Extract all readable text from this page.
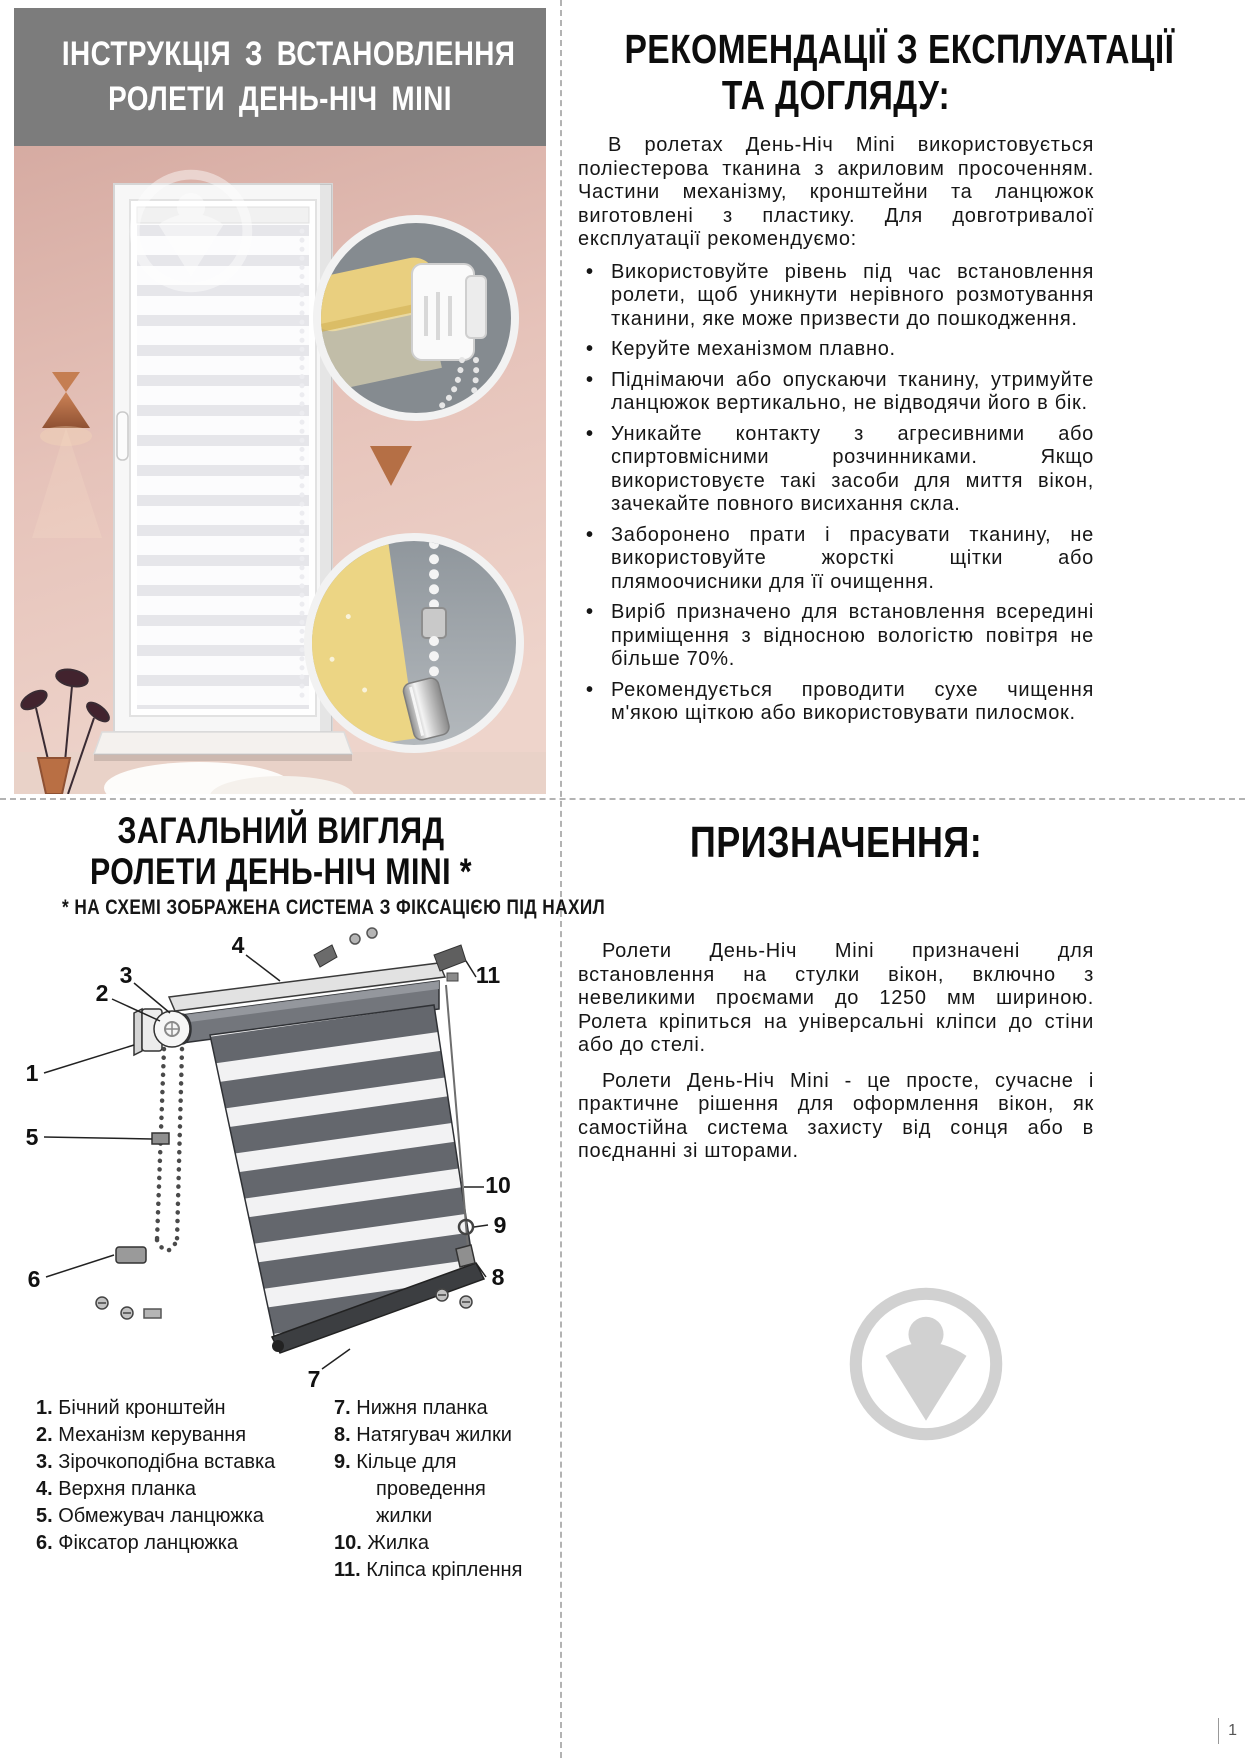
ІНСТРУКЦІЯ З ВСТАНОВЛЕННЯ
РОЛЕТИ ДЕНЬ-НІЧ MINI
РЕКОМЕНДАЦІЇ З ЕКСПЛУАТАЦІЇ
ТА ДОГЛЯДУ:

В ролетах День-Ніч Mini використовується поліестерова тканина з акриловим просоченням. Частини механізму, кронштейни та ланцюжок виготовлені з пластику. Для довготривалої експлуатації рекомендуємо:

• Використовуйте рівень під час встановлення ролети, щоб уникнути нерівного розмотування тканини, яке може призвести до пошкодження.
• Керуйте механізмом плавно.
• Піднімаючи або опускаючи тканину, утримуйте ланцюжок вертикально, не відводячи його в бік.
• Уникайте контакту з агресивними або спиртовмісними розчинниками. Якщо використовуєте такі засоби для миття вікон, зачекайте повного висихання скла.
• Заборонено прати і прасувати тканину, не використовуйте жорсткі щітки або плямоочисники для її очищення.
• Виріб призначено для встановлення всередині приміщення з відносною вологістю повітря не більше 70%.
• Рекомендується проводити сухе чищення м'якою щіткою або використовувати пилосмок.
ЗАГАЛЬНИЙ ВИГЛЯД
РОЛЕТИ ДЕНЬ-НІЧ MINI *
* НА СХЕМІ ЗОБРАЖЕНА СИСТЕМА З ФІКСАЦІЄЮ ПІД НАХИЛ
1
2
3
4
5
6
7
8
9
10
11
1. Бічний кронштейн
2. Механізм керування
3. Зірочкоподібна вставка
4. Верхня планка
5. Обмежувач ланцюжка
6. Фіксатор ланцюжка
7. Нижня планка
8. Натягувач жилки
9. Кільце для проведення жилки
10. Жилка
11. Кліпса кріплення
ПРИЗНАЧЕННЯ:

Ролети День-Ніч Mini призначені для встановлення на стулки вікон, включно з невеликими проємами до 1250 мм шириною. Ролета кріпиться на універсальні кліпси до стіни або до стелі.

Ролети День-Ніч Mini - це просте, сучасне і практичне рішення для оформлення вікон, як самостійна система захисту від сонця або в поєднанні зі шторами.

1
